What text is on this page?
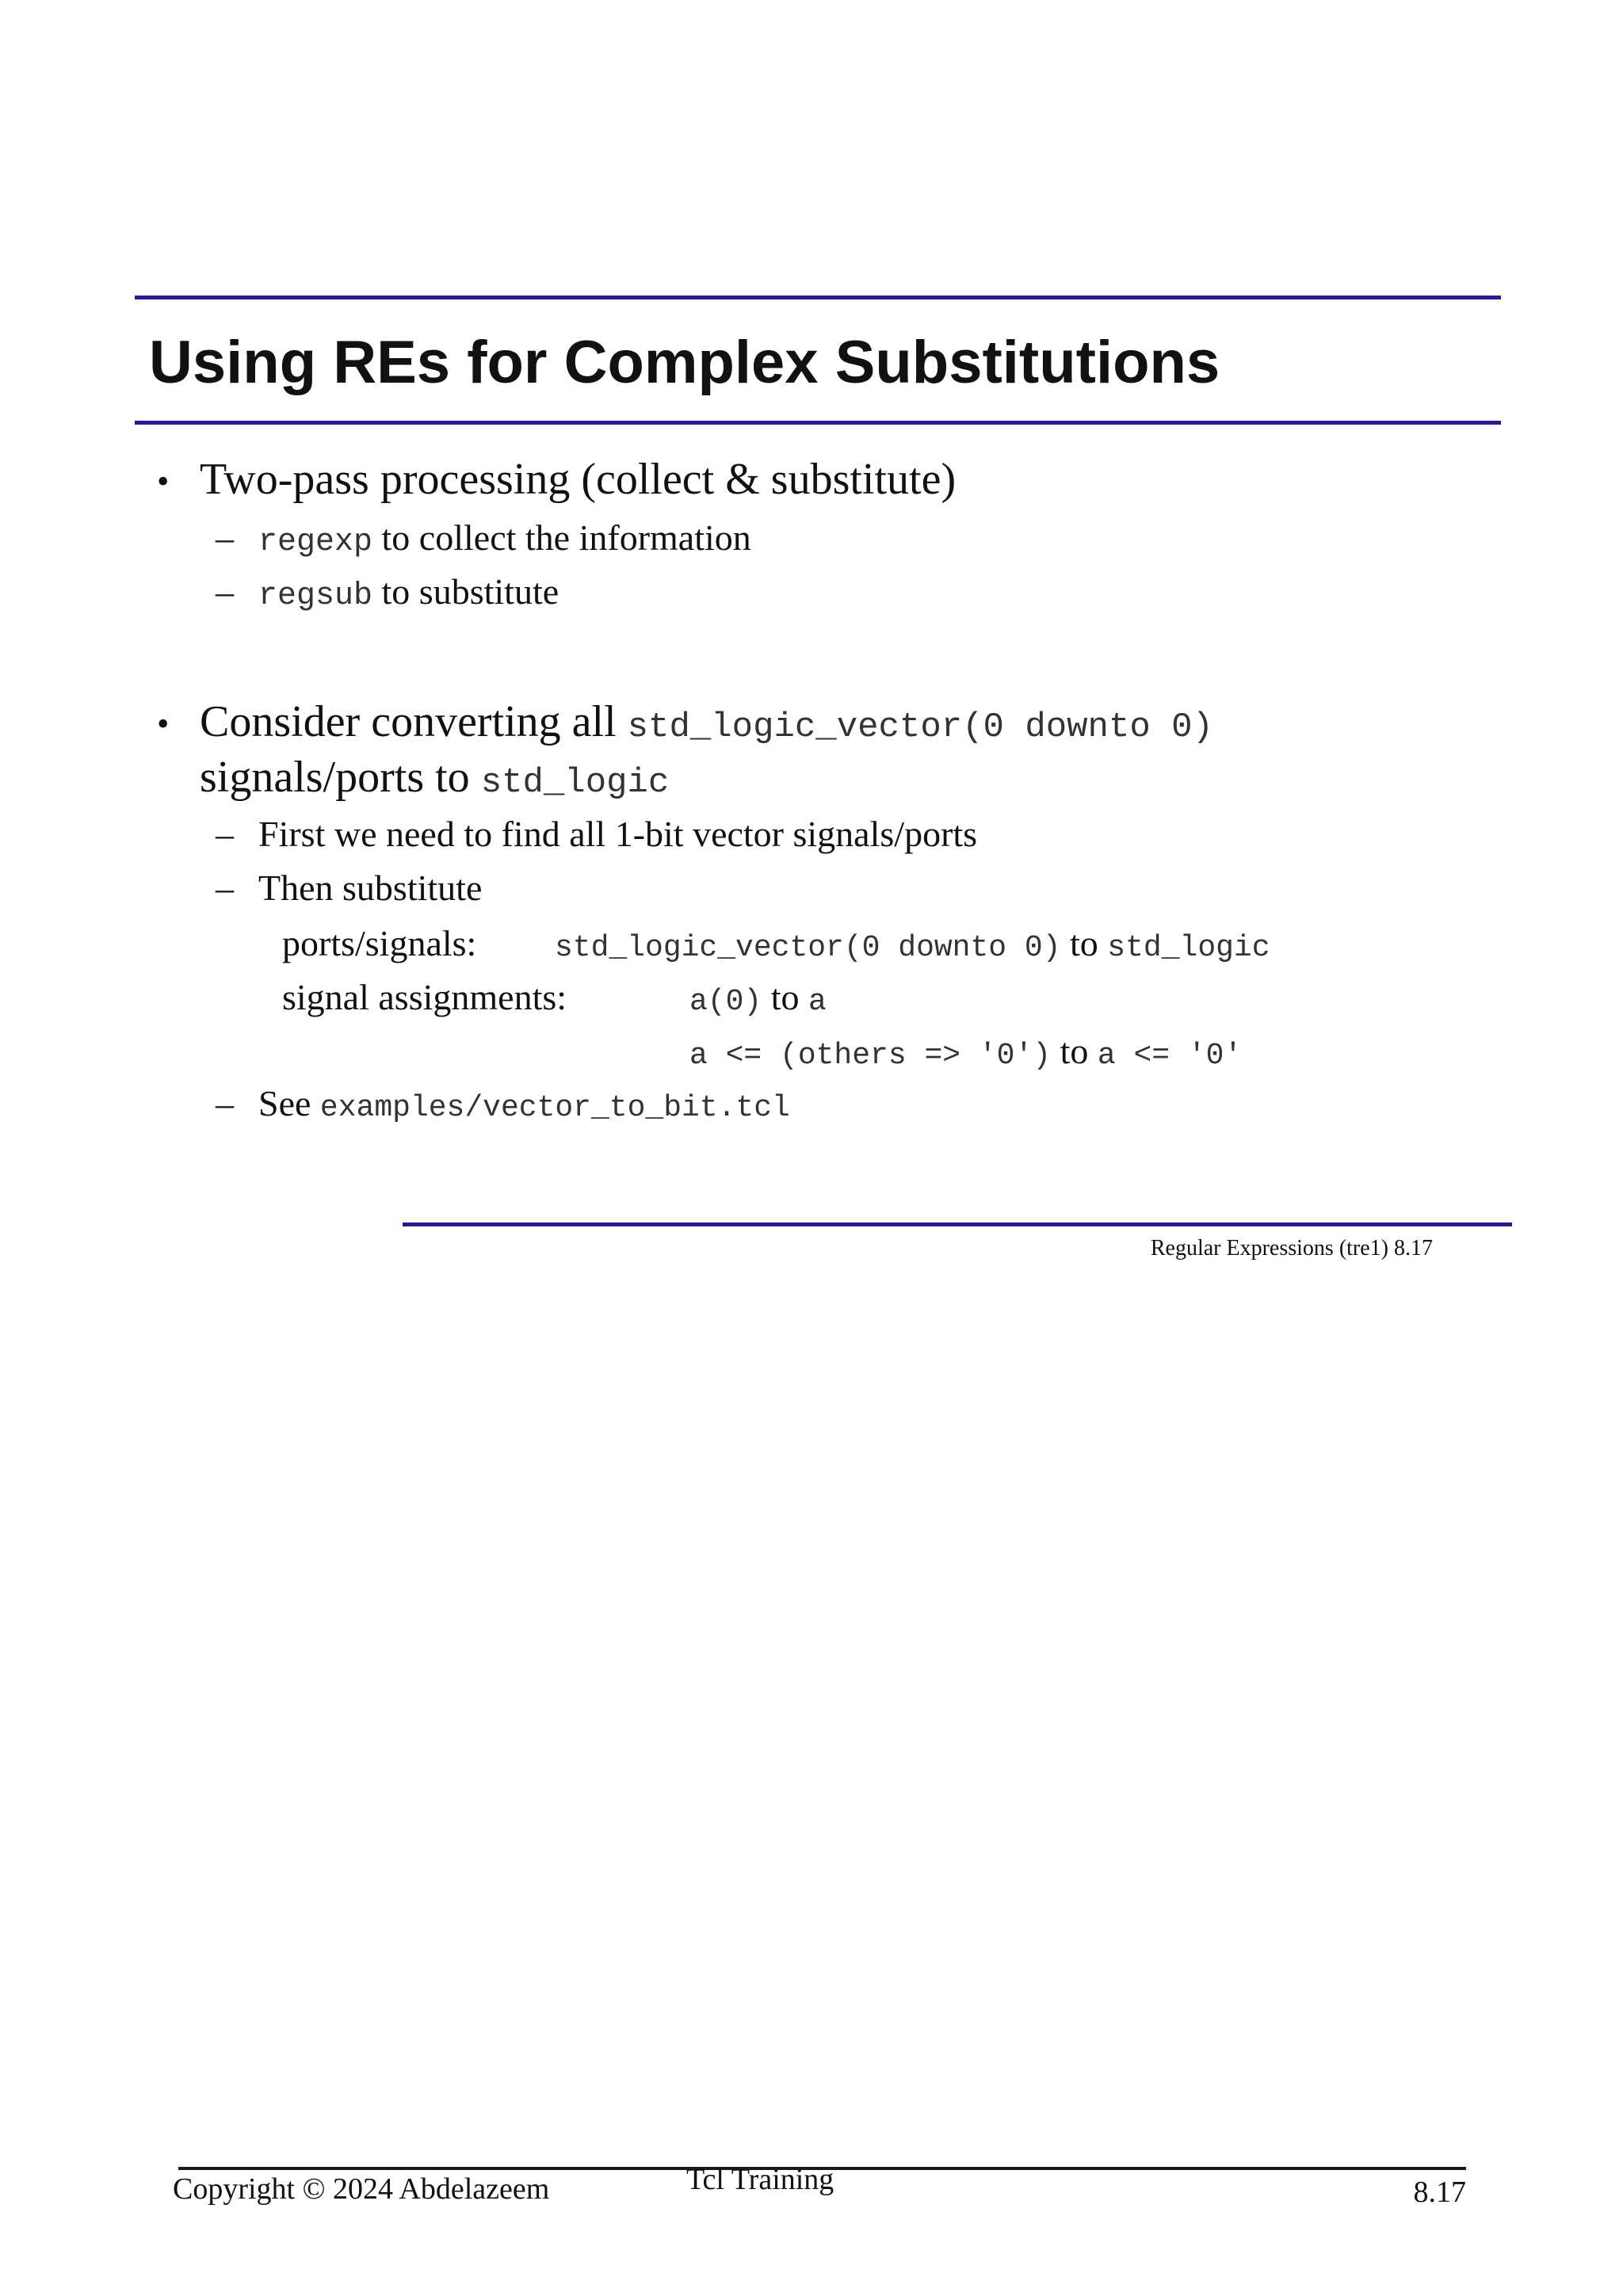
Using REs for Complex Substitutions
• Two-pass processing (collect & substitute)
– regexp to collect the information
– regsub to substitute
• Consider converting all std_logic_vector(0 downto 0)
signals/ports to std_logic
– First we need to find all 1-bit vector signals/ports
– Then substitute
ports/signals:	std_logic_vector(0 downto 0) to std_logic
signal assignments:	a(0) to a
a <= (others => '0') to a <= '0'
– See examples/vector_to_bit.tcl
Regular Expressions (tre1) 8.17
Copyright © 2024 Abdelazeem	Tcl Training	8.17
